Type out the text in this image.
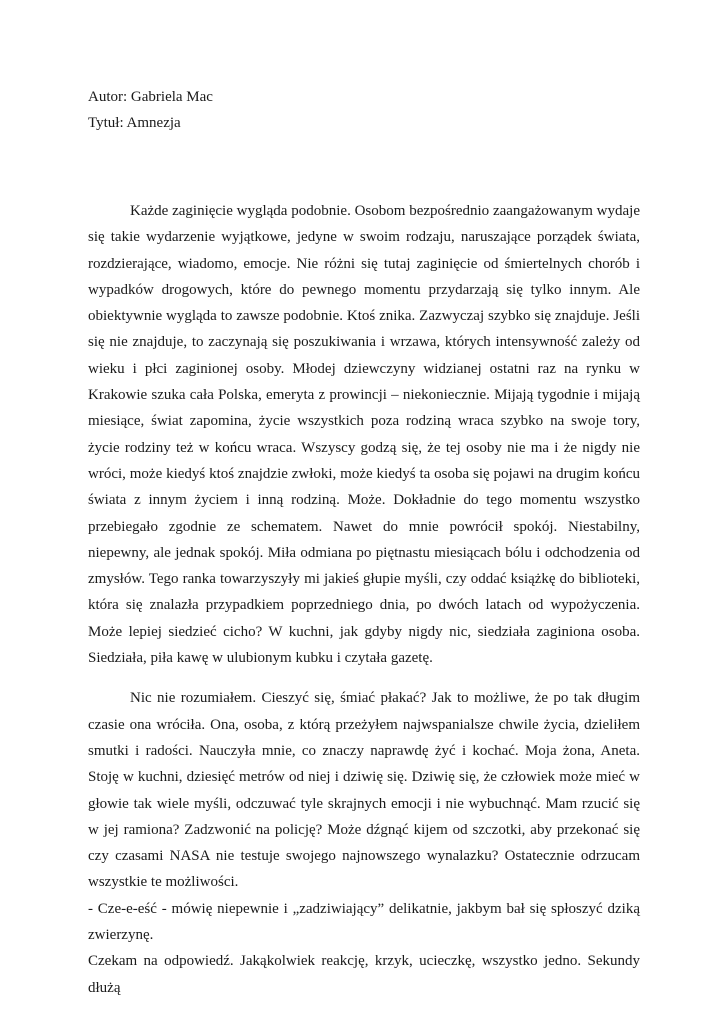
Autor: Gabriela Mac

Tytuł: Amnezja

Każde zaginięcie wygląda podobnie. Osobom bezpośrednio zaangażowanym wydaje się takie wydarzenie wyjątkowe, jedyne w swoim rodzaju, naruszające porządek świata, rozdzierające, wiadomo, emocje. Nie różni się tutaj zaginięcie od śmiertelnych chorób i wypadków drogowych, które do pewnego momentu przydarzają się tylko innym. Ale obiektywnie wygląda to zawsze podobnie. Ktoś znika. Zazwyczaj szybko się znajduje. Jeśli się nie znajduje, to zaczynają się poszukiwania i wrzawa, których intensywność zależy od wieku i płci zaginionej osoby. Młodej dziewczyny widzianej ostatni raz na rynku w Krakowie szuka cała Polska, emeryta z prowincji – niekoniecznie. Mijają tygodnie i mijają miesiące, świat zapomina, życie wszystkich poza rodziną wraca szybko na swoje tory, życie rodziny też w końcu wraca. Wszyscy godzą się, że tej osoby nie ma i że nigdy nie wróci, może kiedyś ktoś znajdzie zwłoki, może kiedyś ta osoba się pojawi na drugim końcu świata z innym życiem i inną rodziną. Może. Dokładnie do tego momentu wszystko przebiegało zgodnie ze schematem. Nawet do mnie powrócił spokój. Niestabilny, niepewny, ale jednak spokój. Miła odmiana po piętnastu miesiącach bólu i odchodzenia od zmysłów. Tego ranka towarzyszyły mi jakieś głupie myśli, czy oddać książkę do biblioteki, która się znalazła przypadkiem poprzedniego dnia, po dwóch latach od wypożyczenia. Może lepiej siedzieć cicho? W kuchni, jak gdyby nigdy nic, siedziała zaginiona osoba. Siedziała, piła kawę w ulubionym kubku i czytała gazetę.

Nic nie rozumiałem. Cieszyć się, śmiać płakać? Jak to możliwe, że po tak długim czasie ona wróciła. Ona, osoba, z którą przeżyłem najwspanialsze chwile życia, dzieliłem smutki i radości. Nauczyła mnie, co znaczy naprawdę żyć i kochać. Moja żona, Aneta. Stoję w kuchni, dziesięć metrów od niej i dziwię się. Dziwię się, że człowiek może mieć w głowie tak wiele myśli, odczuwać tyle skrajnych emocji i nie wybuchnąć. Mam rzucić się w jej ramiona? Zadzwonić na policję? Może dźgnąć kijem od szczotki, aby przekonać się czy czasami NASA nie testuje swojego najnowszego wynalazku? Ostatecznie odrzucam wszystkie te możliwości.

- Cze-e-eść - mówię niepewnie i „zadziwiający” delikatnie, jakbym bał się spłoszyć dziką zwierzynę.

Czekam na odpowiedź. Jakąkolwiek reakcję, krzyk, ucieczkę, wszystko jedno. Sekundy dłużą
